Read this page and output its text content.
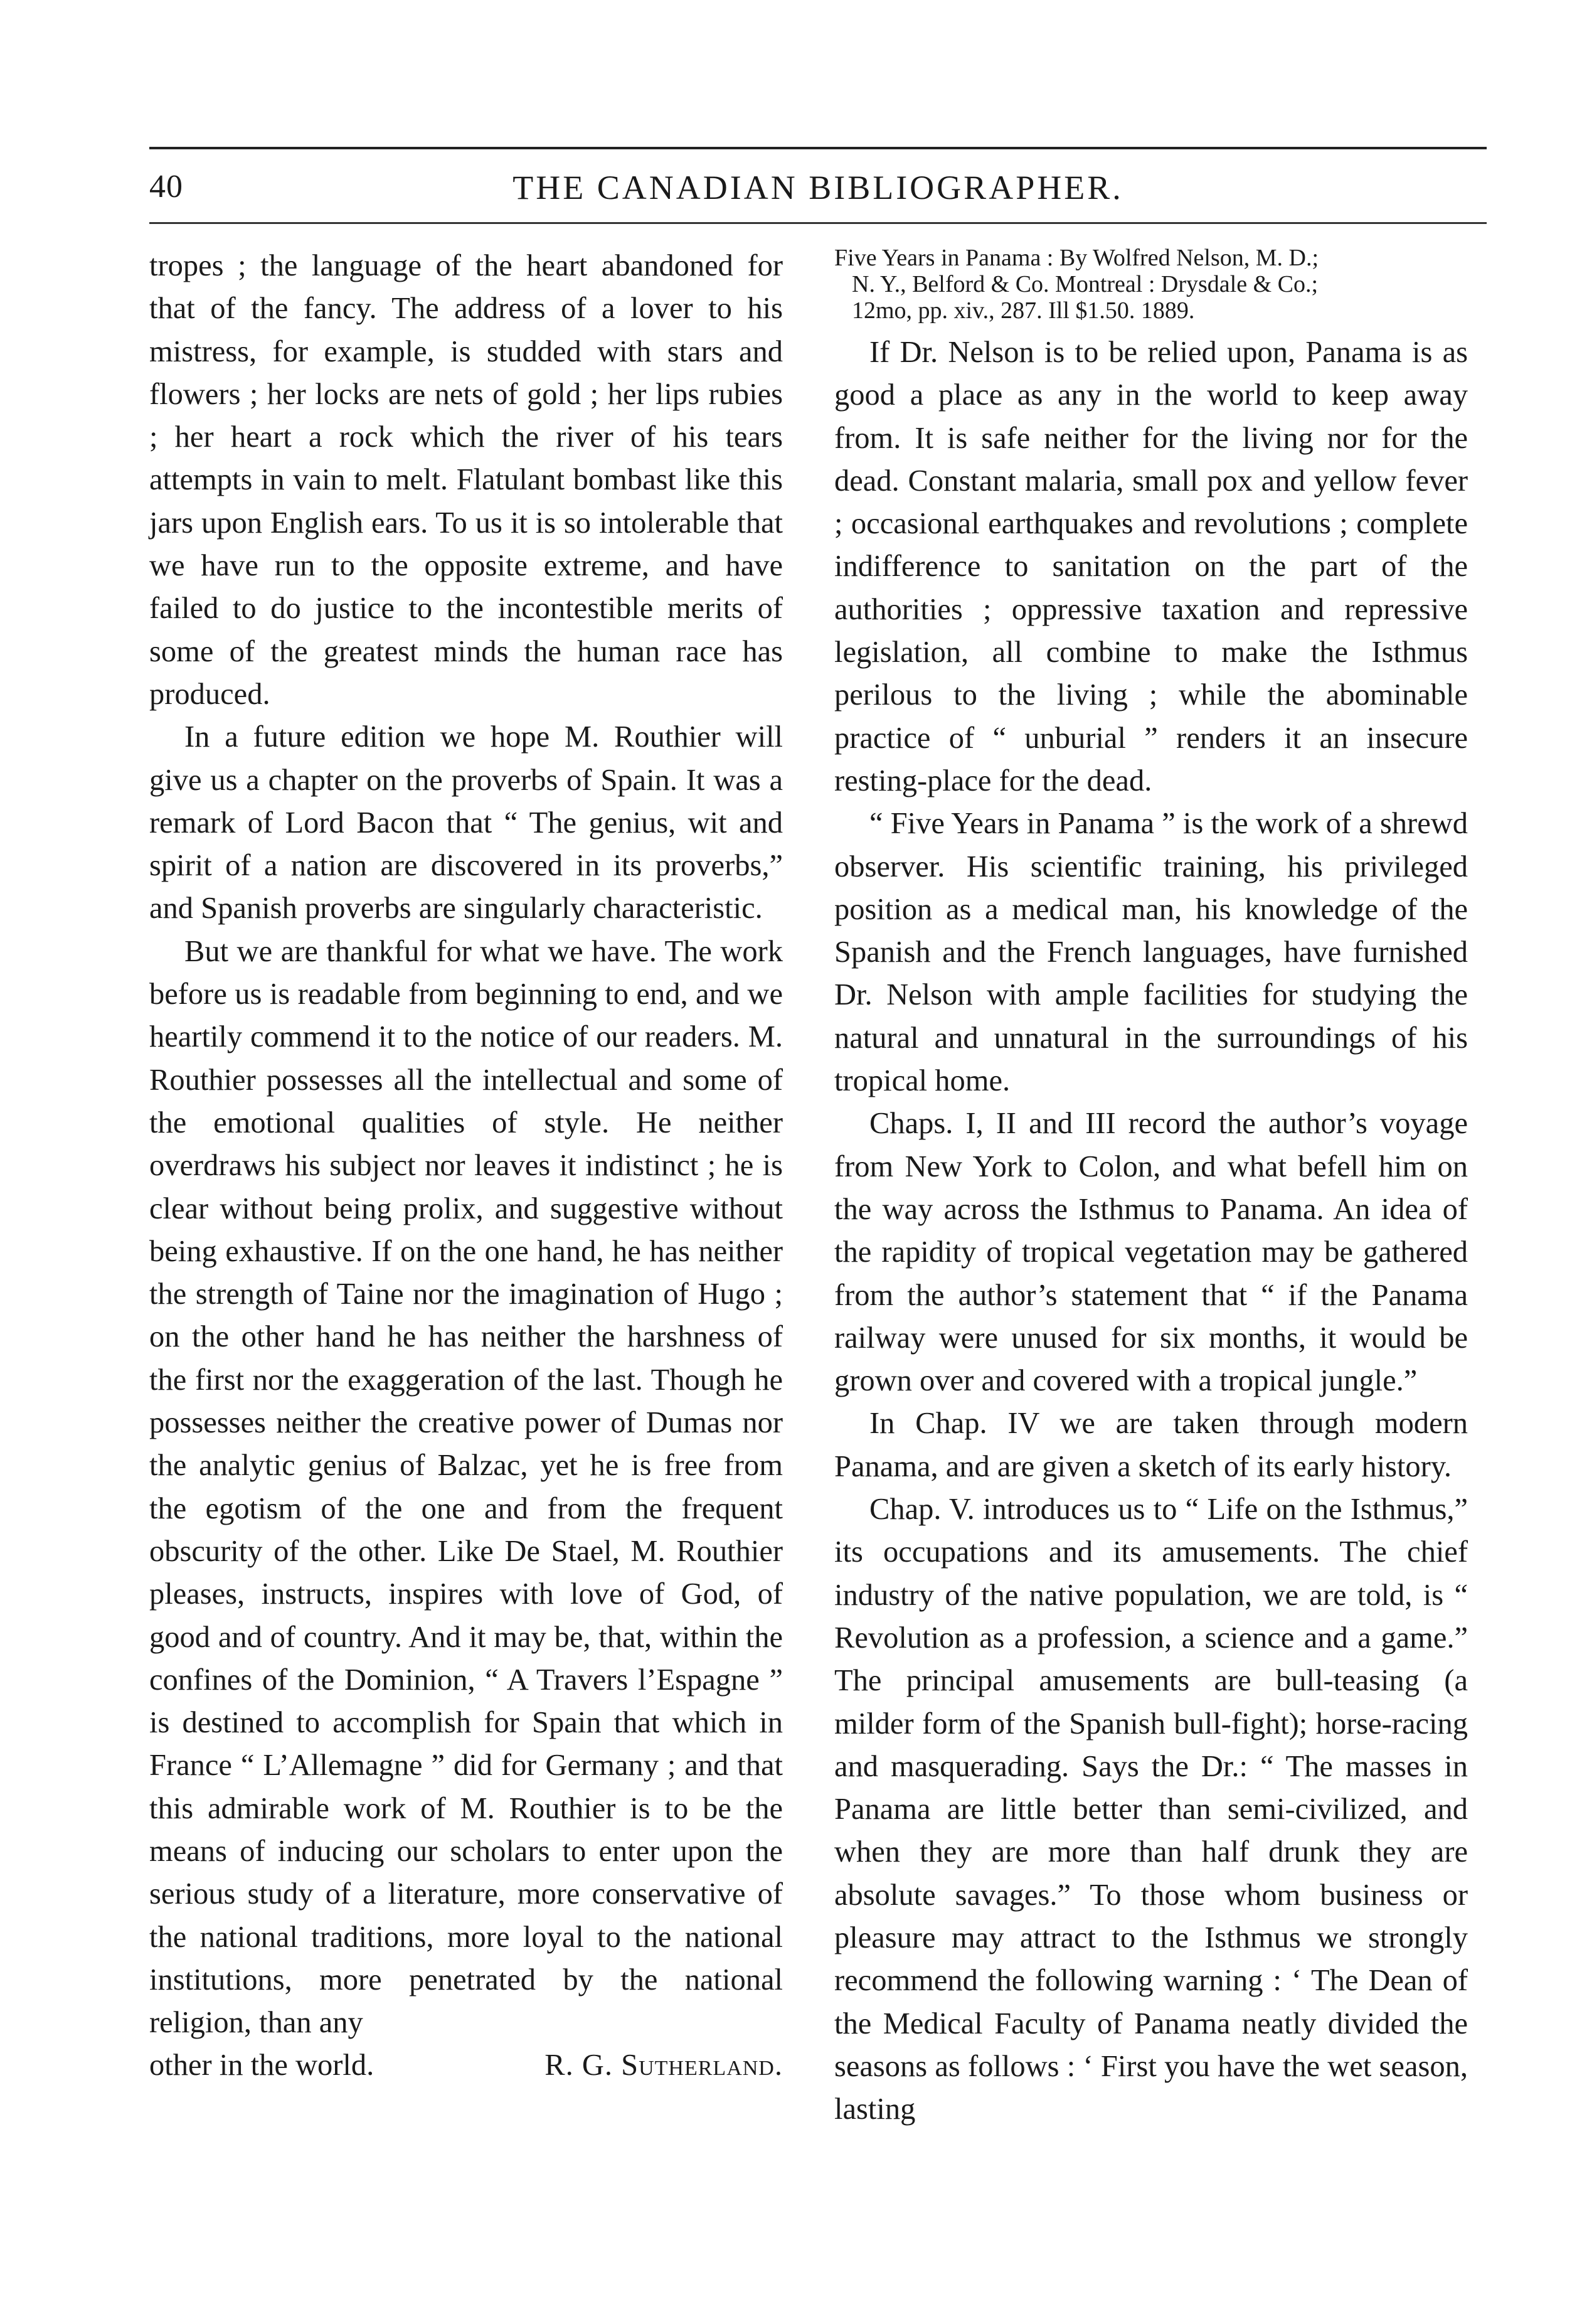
40	THE CANADIAN BIBLIOGRAPHER.

tropes ; the language of the heart abandoned for that of the fancy. The address of a lover to his mistress, for example, is studded with stars and flowers ; her locks are nets of gold ; her lips rubies ; her heart a rock which the river of his tears attempts in vain to melt. Flatulant bombast like this jars upon English ears. To us it is so intolerable that we have run to the opposite extreme, and have failed to do justice to the incontestible merits of some of the greatest minds the human race has produced.

In a future edition we hope M. Routhier will give us a chapter on the proverbs of Spain. It was a remark of Lord Bacon that “ The genius, wit and spirit of a nation are discovered in its proverbs,” and Spanish proverbs are singularly characteristic.

But we are thankful for what we have. The work before us is readable from beginning to end, and we heartily commend it to the notice of our readers. M. Routhier possesses all the intellectual and some of the emotional qualities of style. He neither overdraws his subject nor leaves it indistinct ; he is clear without being prolix, and suggestive without being exhaustive. If on the one hand, he has neither the strength of Taine nor the imagination of Hugo ; on the other hand he has neither the harshness of the first nor the exaggeration of the last. Though he possesses neither the creative power of Dumas nor the analytic genius of Balzac, yet he is free from the egotism of the one and from the frequent obscurity of the other. Like De Stael, M. Routhier pleases, instructs, inspires with love of God, of good and of country. And it may be, that, within the confines of the Dominion, “ A Travers l’Espagne ” is destined to accomplish for Spain that which in France “ L’Allemagne ” did for Germany ; and that this admirable work of M. Routhier is to be the means of inducing our scholars to enter upon the serious study of a literature, more conservative of the national traditions, more loyal to the national institutions, more penetrated by the national religion, than any

other in the world.	R. G. Sutherland.
Five Years in Panama : By Wolfred Nelson, M. D.;
N. Y., Belford & Co. Montreal : Drysdale & Co.;
12mo, pp. xiv., 287. Ill $1.50. 1889.

If Dr. Nelson is to be relied upon, Panama is as good a place as any in the world to keep away from. It is safe neither for the living nor for the dead. Constant malaria, small pox and yellow fever ; occasional earthquakes and revolutions ; complete indifference to sanitation on the part of the authorities ; oppressive taxation and repressive legislation, all combine to make the Isthmus perilous to the living ; while the abominable practice of “ unburial ” renders it an insecure resting-place for the dead.

“ Five Years in Panama ” is the work of a shrewd observer. His scientific training, his privileged position as a medical man, his knowledge of the Spanish and the French languages, have furnished Dr. Nelson with ample facilities for studying the natural and unnatural in the surroundings of his tropical home.

Chaps. I, II and III record the author’s voyage from New York to Colon, and what befell him on the way across the Isthmus to Panama. An idea of the rapidity of tropical vegetation may be gathered from the author’s statement that “ if the Panama railway were unused for six months, it would be grown over and covered with a tropical jungle.”

In Chap. IV we are taken through modern Panama, and are given a sketch of its early history.

Chap. V. introduces us to “ Life on the Isthmus,” its occupations and its amusements. The chief industry of the native population, we are told, is “ Revolution as a profession, a science and a game.” The principal amusements are bull-teasing (a milder form of the Spanish bull-fight); horse-racing and masquerading. Says the Dr.: “ The masses in Panama are little better than semi-civilized, and when they are more than half drunk they are absolute savages.” To those whom business or pleasure may attract to the Isthmus we strongly recommend the following warning : ‘ The Dean of the Medical Faculty of Panama neatly divided the seasons as follows : ‘ First you have the wet season, lasting
